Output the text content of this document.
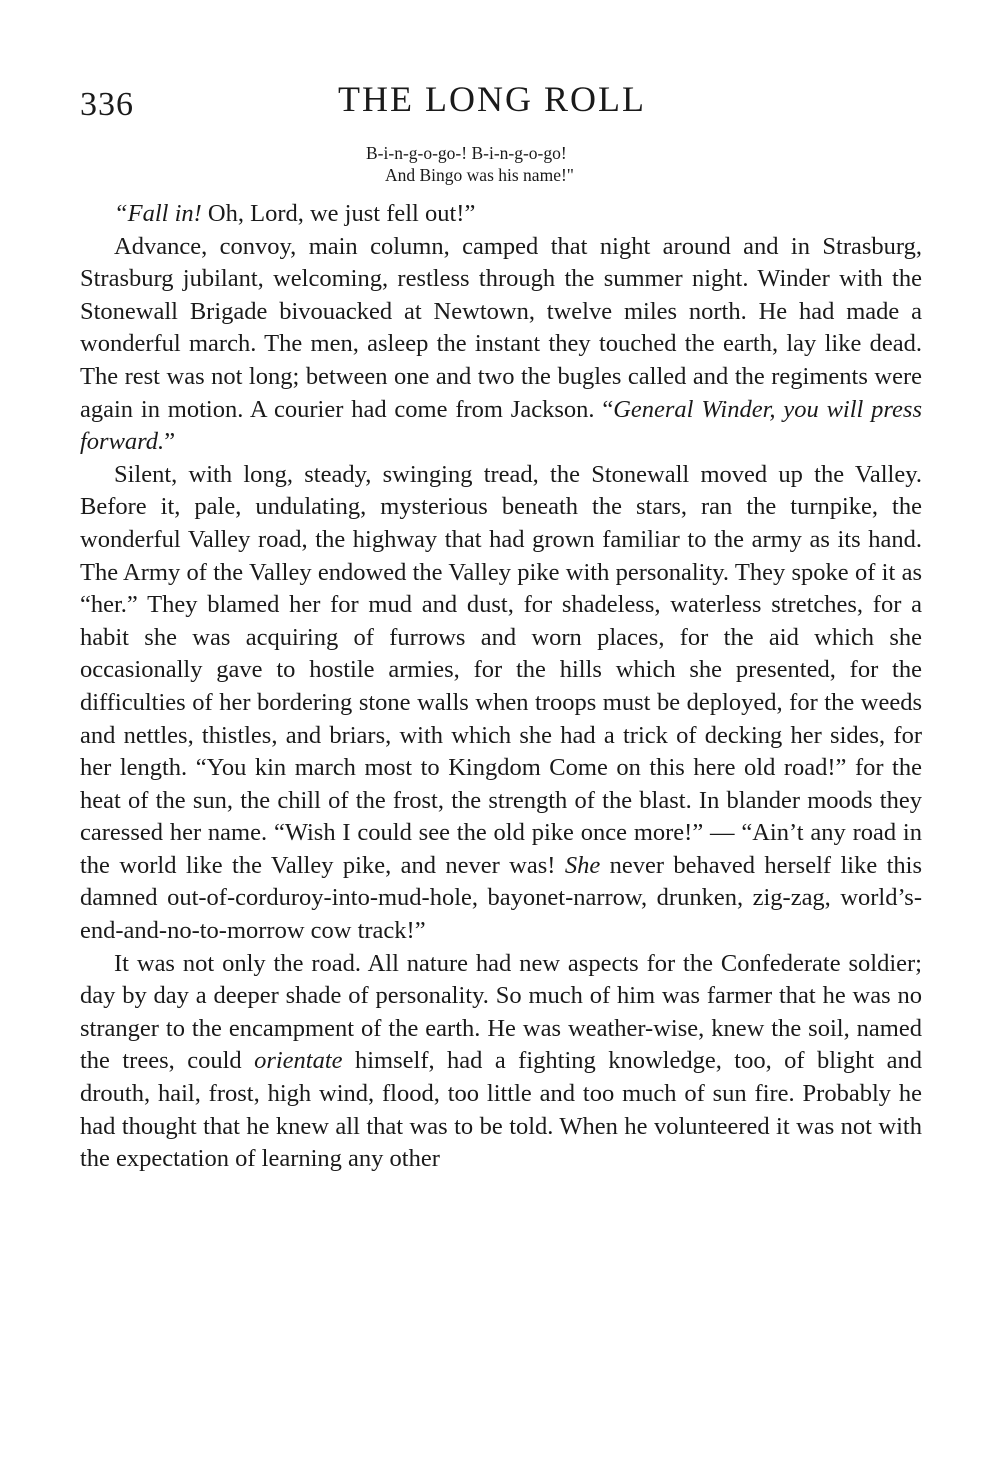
336	THE LONG ROLL
B-i-n-g-o-go-! B-i-n-g-o-go!
And Bingo was his name!"

“Fall in! Oh, Lord, we just fell out!”

Advance, convoy, main column, camped that night around and in Strasburg, Strasburg jubilant, welcoming, restless through the summer night. Winder with the Stonewall Brigade bivouacked at Newtown, twelve miles north. He had made a wonderful march. The men, asleep the instant they touched the earth, lay like dead. The rest was not long; between one and two the bugles called and the regiments were again in motion. A courier had come from Jackson. “General Winder, you will press forward.”

Silent, with long, steady, swinging tread, the Stonewall moved up the Valley. Before it, pale, undulating, mysterious beneath the stars, ran the turnpike, the wonderful Valley road, the highway that had grown familiar to the army as its hand. The Army of the Valley endowed the Valley pike with personality. They spoke of it as “her.” They blamed her for mud and dust, for shadeless, waterless stretches, for a habit she was acquiring of furrows and worn places, for the aid which she occasionally gave to hostile armies, for the hills which she presented, for the difficulties of her bordering stone walls when troops must be deployed, for the weeds and nettles, thistles, and briars, with which she had a trick of decking her sides, for her length. “You kin march most to Kingdom Come on this here old road!” for the heat of the sun, the chill of the frost, the strength of the blast. In blander moods they caressed her name. “Wish I could see the old pike once more!” — “Ain’t any road in the world like the Valley pike, and never was! She never behaved herself like this damned out-of-corduroy-into-mud-hole, bayonet-narrow, drunken, zig-zag, world’s-end-and-no-to-morrow cow track!”

It was not only the road. All nature had new aspects for the Confederate soldier; day by day a deeper shade of personality. So much of him was farmer that he was no stranger to the encampment of the earth. He was weather-wise, knew the soil, named the trees, could orientate himself, had a fighting knowledge, too, of blight and drouth, hail, frost, high wind, flood, too little and too much of sun fire. Probably he had thought that he knew all that was to be told. When he volunteered it was not with the expectation of learning any other
